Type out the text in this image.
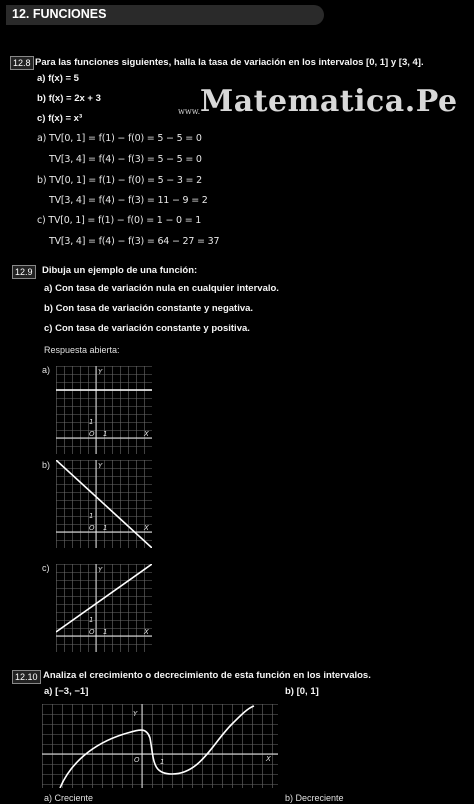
12. FUNCIONES
12.8 Para las funciones siguientes, halla la tasa de variación en los intervalos [0, 1] y [3, 4].
a) f(x) = 5
b) f(x) = 2x + 3
c) f(x) = x³
www. Matematica.Pe
a) TV[0, 1] = f(1) − f(0) = 5 − 5 = 0
TV[3, 4] = f(4) − f(3) = 5 − 5 = 0
b) TV[0, 1] = f(1) − f(0) = 5 − 3 = 2
TV[3, 4] = f(4) − f(3) = 11 − 9 = 2
c) TV[0, 1] = f(1) − f(0) = 1 − 0 = 1
TV[3, 4] = f(4) − f(3) = 64 − 27 = 37
12.9 Dibuja un ejemplo de una función:
a) Con tasa de variación nula en cualquier intervalo.
b) Con tasa de variación constante y negativa.
c) Con tasa de variación constante y positiva.
Respuesta abierta:
a)
b)
c)
Y
X
O 1
1
Y
X
O 1
1
Y
X
O 1
1
12.10 Analiza el crecimiento o decrecimiento de esta función en los intervalos.
a) [−3, −1]	b) [0, 1]
Y
X
O	1
a) Creciente	b) Decreciente
